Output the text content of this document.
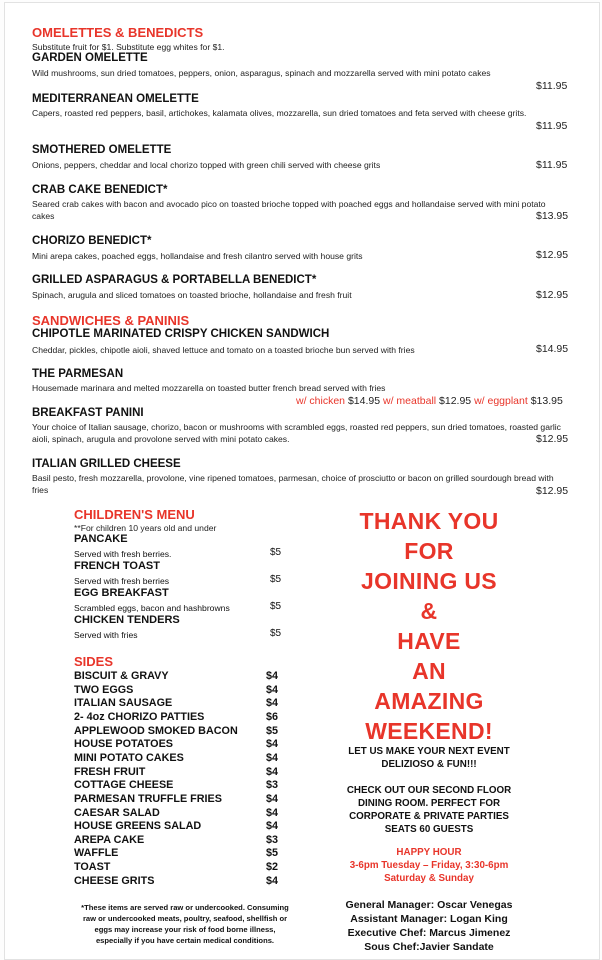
OMELETTES & BENEDICTS
Substitute fruit for $1. Substitute egg whites for $1.
GARDEN OMELETTE
Wild mushrooms, sun dried tomatoes, peppers, onion, asparagus, spinach and mozzarella served with mini potato cakes
$11.95
MEDITERRANEAN OMELETTE
Capers, roasted red peppers, basil, artichokes, kalamata olives, mozzarella, sun dried tomatoes and feta served with cheese grits.
$11.95
SMOTHERED OMELETTE
Onions, peppers, cheddar and local chorizo topped with green chili served with cheese grits	$11.95
CRAB CAKE BENEDICT*
Seared crab cakes with bacon and avocado pico on toasted brioche topped with poached eggs and hollandaise served with mini potato cakes	$13.95
CHORIZO BENEDICT*
Mini arepa cakes, poached eggs, hollandaise and fresh cilantro served with house grits	$12.95
GRILLED ASPARAGUS & PORTABELLA BENEDICT*
Spinach, arugula and sliced tomatoes on toasted brioche, hollandaise and fresh fruit	$12.95
SANDWICHES & PANINIS
CHIPOTLE MARINATED CRISPY CHICKEN SANDWICH
Cheddar, pickles, chipotle aioli, shaved lettuce and tomato on a toasted brioche bun served with fries	$14.95
THE PARMESAN
Housemade marinara and melted mozzarella on toasted butter french bread served with fries
w/ chicken $14.95 w/ meatball $12.95 w/ eggplant $13.95
BREAKFAST PANINI
Your choice of Italian sausage, chorizo, bacon or mushrooms with scrambled eggs, roasted red peppers, sun dried tomatoes, roasted garlic aioli, spinach, arugula and provolone served with mini potato cakes.	$12.95
ITALIAN GRILLED CHEESE
Basil pesto, fresh mozzarella, provolone, vine ripened tomatoes, parmesan, choice of prosciutto or bacon on grilled sourdough bread with fries	$12.95
CHILDREN'S MENU
**For children 10 years old and under
PANCAKE
Served with fresh berries.	$5
FRENCH TOAST
Served with fresh berries	$5
EGG BREAKFAST
Scrambled eggs, bacon and hashbrowns	$5
CHICKEN TENDERS
Served with fries	$5
SIDES
BISCUIT & GRAVY	$4
TWO EGGS	$4
ITALIAN SAUSAGE	$4
2- 4oz CHORIZO PATTIES	$6
APPLEWOOD SMOKED BACON	$5
HOUSE POTATOES	$4
MINI POTATO CAKES	$4
FRESH FRUIT	$4
COTTAGE CHEESE	$3
PARMESAN TRUFFLE FRIES	$4
CAESAR SALAD	$4
HOUSE GREENS SALAD	$4
AREPA CAKE	$3
WAFFLE	$5
TOAST	$2
CHEESE GRITS	$4
THANK YOU
FOR
JOINING US
&
HAVE
AN
AMAZING
WEEKEND!
LET US MAKE YOUR NEXT EVENT
DELIZIOSO & FUN!!!
CHECK OUT OUR SECOND FLOOR
DINING ROOM. PERFECT FOR
CORPORATE & PRIVATE PARTIES
SEATS 60 GUESTS
HAPPY HOUR
3-6pm Tuesday – Friday, 3:30-6pm
Saturday & Sunday
*These items are served raw or undercooked. Consuming raw or undercooked meats, poultry, seafood, shellfish or eggs may increase your risk of food borne illness, especially if you have certain medical conditions.
General Manager: Oscar Venegas
Assistant Manager: Logan King
Executive Chef: Marcus Jimenez
Sous Chef:Javier Sandate
